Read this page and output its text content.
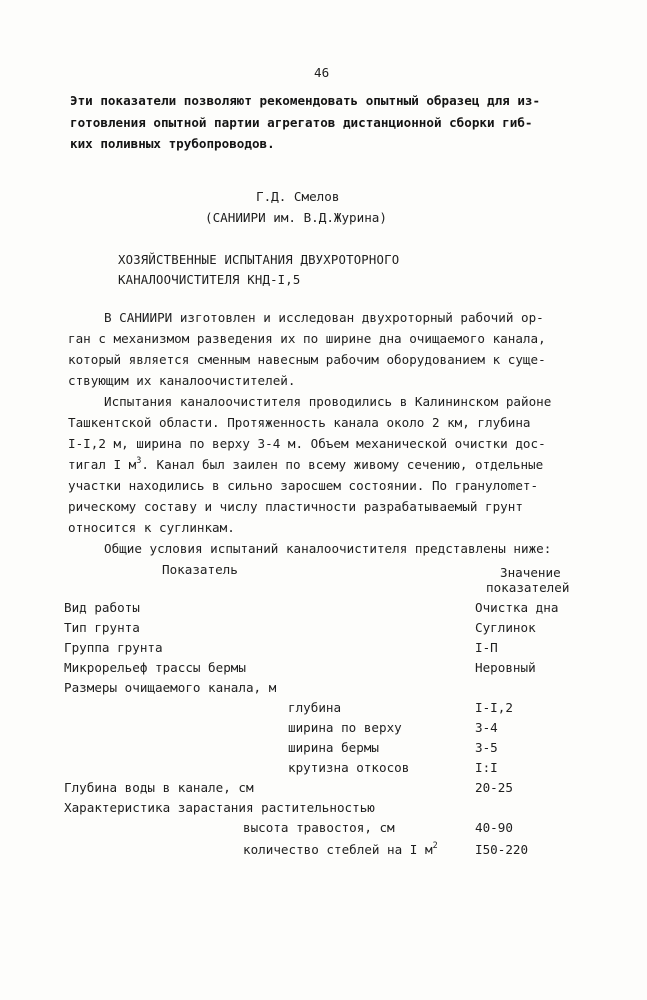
46
Эти показатели позволяют рекомендовать опытный образец для из-
готовления опытной партии агрегатов дистанционной сборки гиб-
ких поливных трубопроводов.
Г.Д. Смелов
(САНИИРИ им. В.Д.Журина)
ХОЗЯЙСТВЕННЫЕ ИСПЫТАНИЯ ДВУХРОТОРНОГО
КАНАЛООЧИСТИТЕЛЯ КНД-I,5
В САНИИРИ изготовлен и исследован двухроторный рабочий ор-
ган с механизмом разведения их по ширине дна очищаемого канала,
который является сменным навесным рабочим оборудованием к суще-
ствующим их каналоочистителей.
Испытания каналоочистителя проводились в Калининском районе
Ташкентской области. Протяженность канала около 2 км, глубина
I-I,2 м, ширина по верху 3-4 м. Объем механической очистки дос-
тигал I $м^3$. Канал был заилен по всему живому сечению, отдельные
участки находились в сильно заросшем состоянии. По гранулomет-
рическому составу и числу пластичности разрабатываемый грунт
относится к суглинкам.
Общие условия испытаний каналоочистителя представлены ниже:
Показатель	Значение
показателей
Вид работы	Очистка дна
Тип грунта	Суглинок
Группа грунта	I-П
Микрорельеф трассы бермы	Неровный
Размеры очищаемого канала, м
глубина	I-I,2
ширина по верху	3-4
ширина бермы	3-5
крутизна откосов	I:I
Глубина воды в канале, см	20-25
Характеристика зарастания растительностью
высота травостоя, см	40-90
количество стеблей на I $м^2$	I50-220
